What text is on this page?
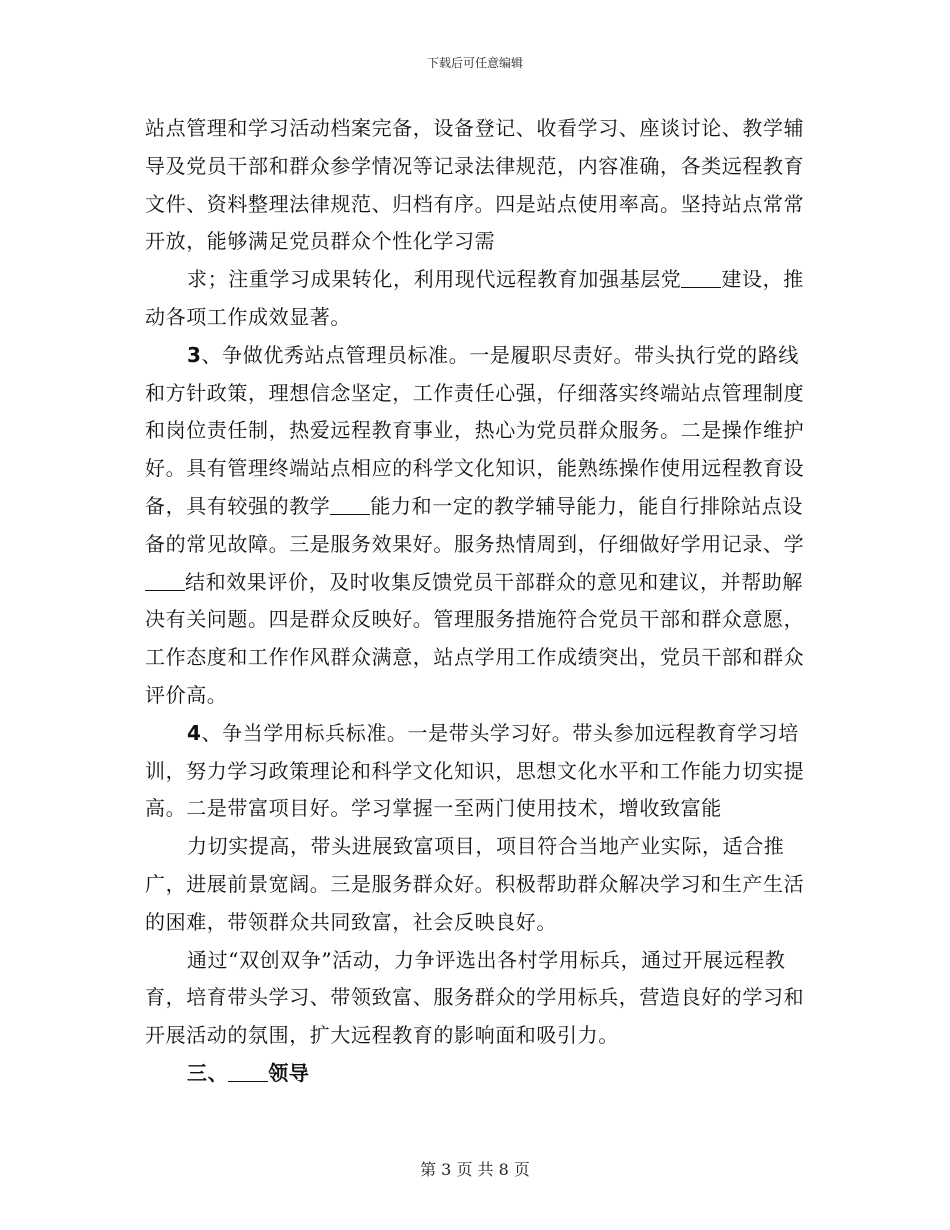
下载后可任意编辑

站点管理和学习活动档案完备，设备登记、收看学习、座谈讨论、教学辅导及党员干部和群众参学情况等记录法律规范，内容准确，各类远程教育文件、资料整理法律规范、归档有序。四是站点使用率高。坚持站点常常开放，能够满足党员群众个性化学习需

求；注重学习成果转化，利用现代远程教育加强基层党 建设，推动各项工作成效显著。

3、争做优秀站点管理员标准。一是履职尽责好。带头执行党的路线和方针政策，理想信念坚定，工作责任心强，仔细落实终端站点管理制度和岗位责任制，热爱远程教育事业，热心为党员群众服务。二是操作维护好。具有管理终端站点相应的科学文化知识，能熟练操作使用远程教育设备，具有较强的教学 能力和一定的教学辅导能力，能自行排除站点设备的常见故障。三是服务效果好。服务热情周到，仔细做好学用记录、学结和效果评价，及时收集反馈党员干部群众的意见和建议，并帮助解决有关问题。四是群众反映好。管理服务措施符合党员干部和群众意愿，工作态度和工作作风群众满意，站点学用工作成绩突出，党员干部和群众评价高。

4、争当学用标兵标准。一是带头学习好。带头参加远程教育学习培训，努力学习政策理论和科学文化知识，思想文化水平和工作能力切实提高。二是带富项目好。学习掌握一至两门使用技术，增收致富能

力切实提高，带头进展致富项目，项目符合当地产业实际，适合推广，进展前景宽阔。三是服务群众好。积极帮助群众解决学习和生产生活的困难，带领群众共同致富，社会反映良好。

通过“双创双争”活动，力争评选出各村学用标兵，通过开展远程教育，培育带头学习、带领致富、服务群众的学用标兵，营造良好的学习和开展活动的氛围，扩大远程教育的影响面和吸引力。

三、 领导

第 3 页 共 8 页
